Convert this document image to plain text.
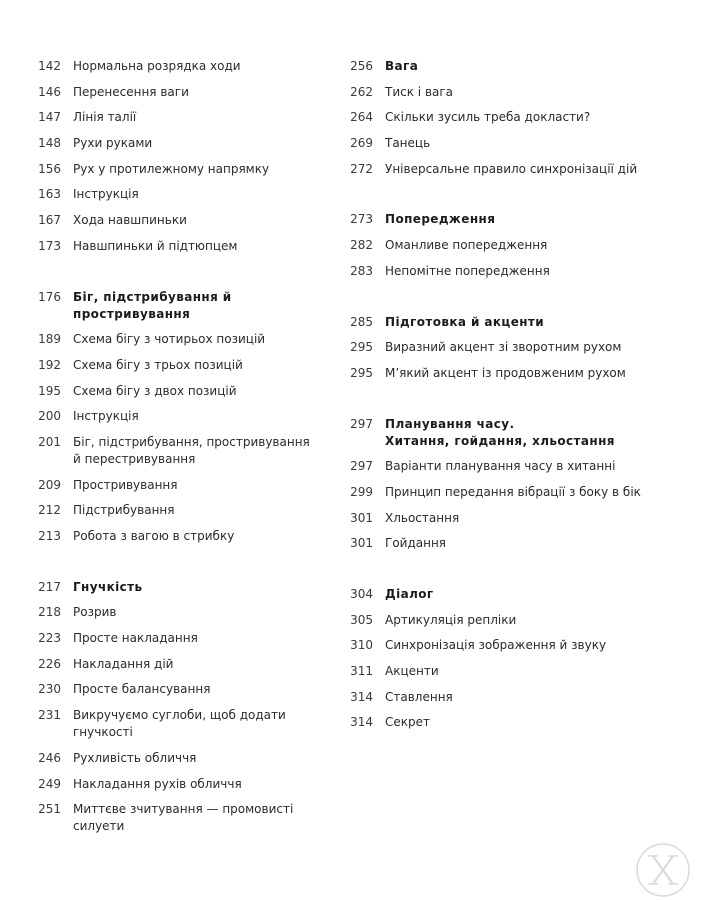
142	Нормальна розрядка ходи
146	Перенесення ваги
147	Лінія талії
148	Рухи руками
156	Рух у протилежному напрямку
163	Інструкція
167	Хода навшпиньки
173	Навшпиньки й підтюпцем
176	Біг, підстрибування й простривування
189	Схема бігу з чотирьох позицій
192	Схема бігу з трьох позицій
195	Схема бігу з двох позицій
200	Інструкція
201	Біг, підстрибування, простривування
й перестривування
209	Простривування
212	Підстрибування
213	Робота з вагою в стрибку
217	Гнучкість
218	Розрив
223	Просте накладання
226	Накладання дій
230	Просте балансування
231	Викручуємо суглоби, щоб додати гнучкості
246	Рухливість обличчя
249	Накладання рухів обличчя
251	Миттєве зчитування — промовисті силуети
256	Вага
262	Тиск і вага
264	Скільки зусиль треба докласти?
269	Танець
272	Універсальне правило синхронізації дій
273	Попередження
282	Оманливе попередження
283	Непомітне попередження
285	Підготовка й акценти
295	Виразний акцент зі зворотним рухом
295	М’який акцент із продовженим рухом
297	Планування часу.
Хитання, гойдання, хльостання
297	Варіанти планування часу в хитанні
299	Принцип передання вібрації з боку в бік
301	Хльостання
301	Гойдання
304	Діалог
305	Артикуляція репліки
310	Синхронізація зображення й звуку
311	Акценти
314	Ставлення
314	Секрет
